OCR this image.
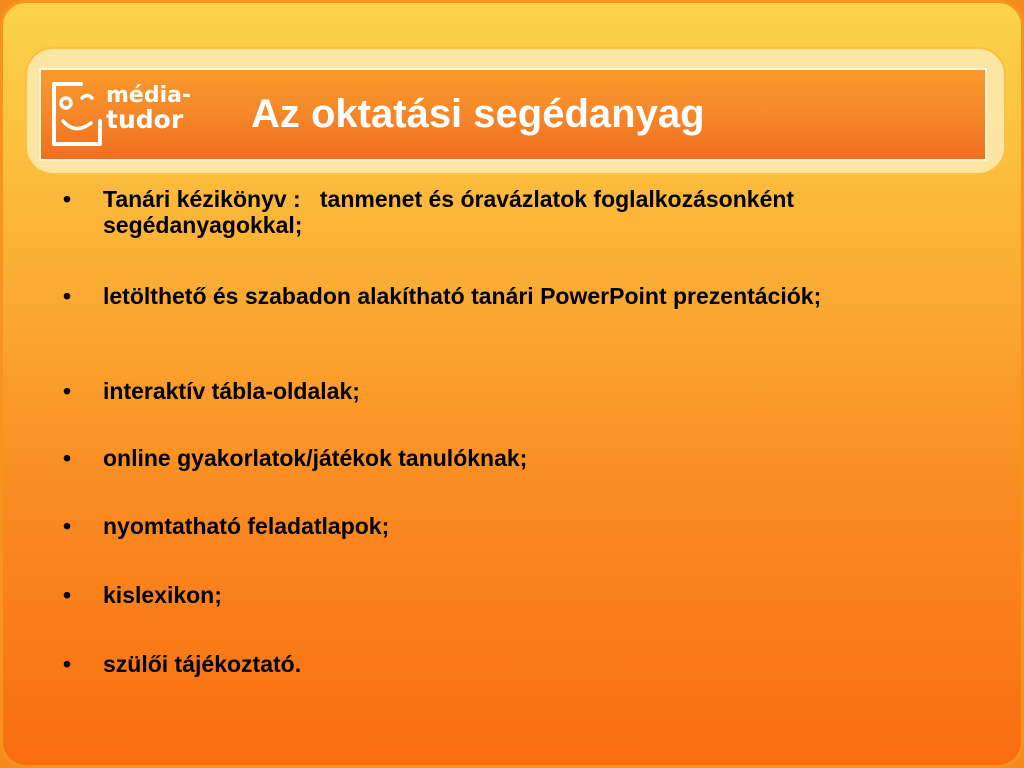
média-
tudor Az oktatási segédanyag
•	Tanári kézikönyv :   tanmenet és óravázlatok foglalkozásonként segédanyagokkal;
•	letölthető és szabadon alakítható tanári PowerPoint prezentációk;
•	interaktív tábla-oldalak;
•	online gyakorlatok/játékok tanulóknak;
•	nyomtatható feladatlapok;
•	kislexikon;
•	szülői tájékoztató.
